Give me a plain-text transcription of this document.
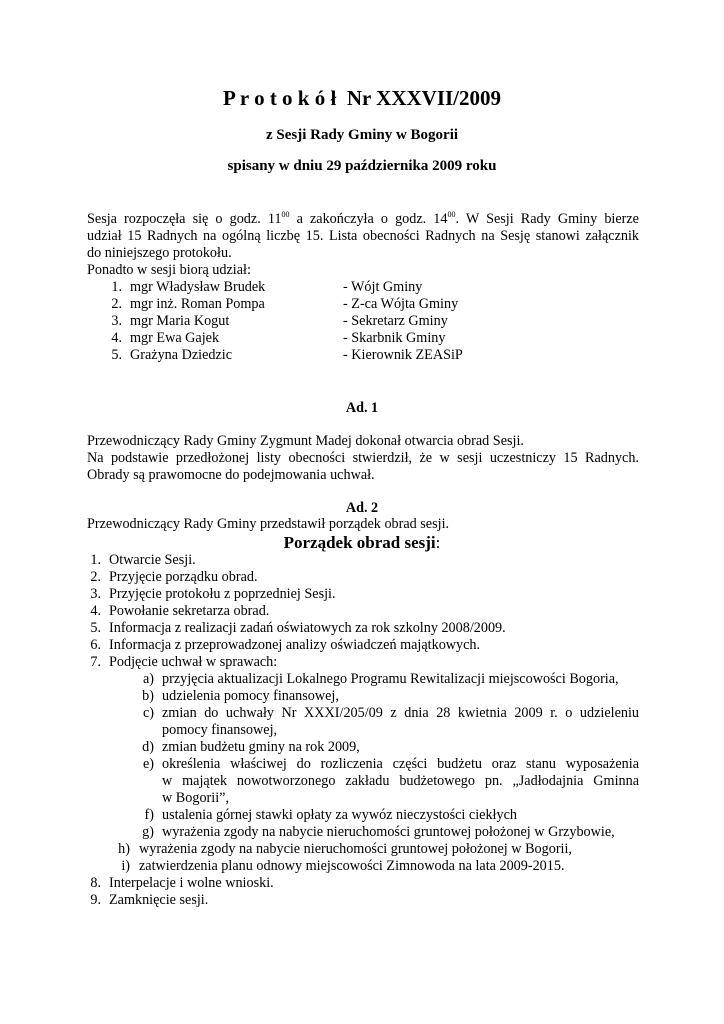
P r o t o k ó ł  Nr XXXVII/2009
z Sesji Rady Gminy w Bogorii
spisany w dniu 29 października 2009 roku
Sesja rozpoczęła się o godz. $11^{00}$ a zakończyła o godz. $14^{00}$. W Sesji Rady Gminy bierze
udział 15 Radnych na ogólną liczbę 15. Lista obecności Radnych na Sesję stanowi załącznik
do niniejszego protokołu.
Ponadto w sesji biorą udział:
1. mgr Władysław Brudek	- Wójt Gminy
2. mgr inż. Roman Pompa	- Z-ca Wójta Gminy
3. mgr Maria Kogut	- Sekretarz Gminy
4. mgr Ewa Gajek	- Skarbnik Gminy
5. Grażyna Dziedzic	- Kierownik ZEASiP
Ad. 1
Przewodniczący Rady Gminy Zygmunt Madej dokonał otwarcia obrad Sesji.
Na podstawie przedłożonej listy obecności stwierdził, że w sesji uczestniczy 15 Radnych.
Obrady są prawomocne do podejmowania uchwał.
Ad. 2
Przewodniczący Rady Gminy przedstawił porządek obrad sesji.
Porządek obrad sesji:
1. Otwarcie Sesji.
2. Przyjęcie porządku obrad.
3. Przyjęcie protokołu z poprzedniej Sesji.
4. Powołanie sekretarza obrad.
5. Informacja z realizacji zadań oświatowych za rok szkolny 2008/2009.
6. Informacja z przeprowadzonej analizy oświadczeń majątkowych.
7. Podjęcie uchwał w sprawach:
a) przyjęcia aktualizacji Lokalnego Programu Rewitalizacji miejscowości Bogoria,
b) udzielenia pomocy finansowej,
c) zmian do uchwały Nr XXXI/205/09 z dnia 28 kwietnia 2009 r. o udzieleniu
pomocy finansowej,
d) zmian budżetu gminy na rok 2009,
e) określenia właściwej do rozliczenia części budżetu oraz stanu wyposażenia
w majątek nowotworzonego zakładu budżetowego pn. „Jadłodajnia Gminna
w Bogorii”,
f) ustalenia górnej stawki opłaty za wywóz nieczystości ciekłych
g) wyrażenia zgody na nabycie nieruchomości gruntowej położonej w Grzybowie,
h) wyrażenia zgody na nabycie nieruchomości gruntowej położonej w Bogorii,
i) zatwierdzenia planu odnowy miejscowości Zimnowoda na lata 2009-2015.
8. Interpelacje i wolne wnioski.
9. Zamknięcie sesji.
